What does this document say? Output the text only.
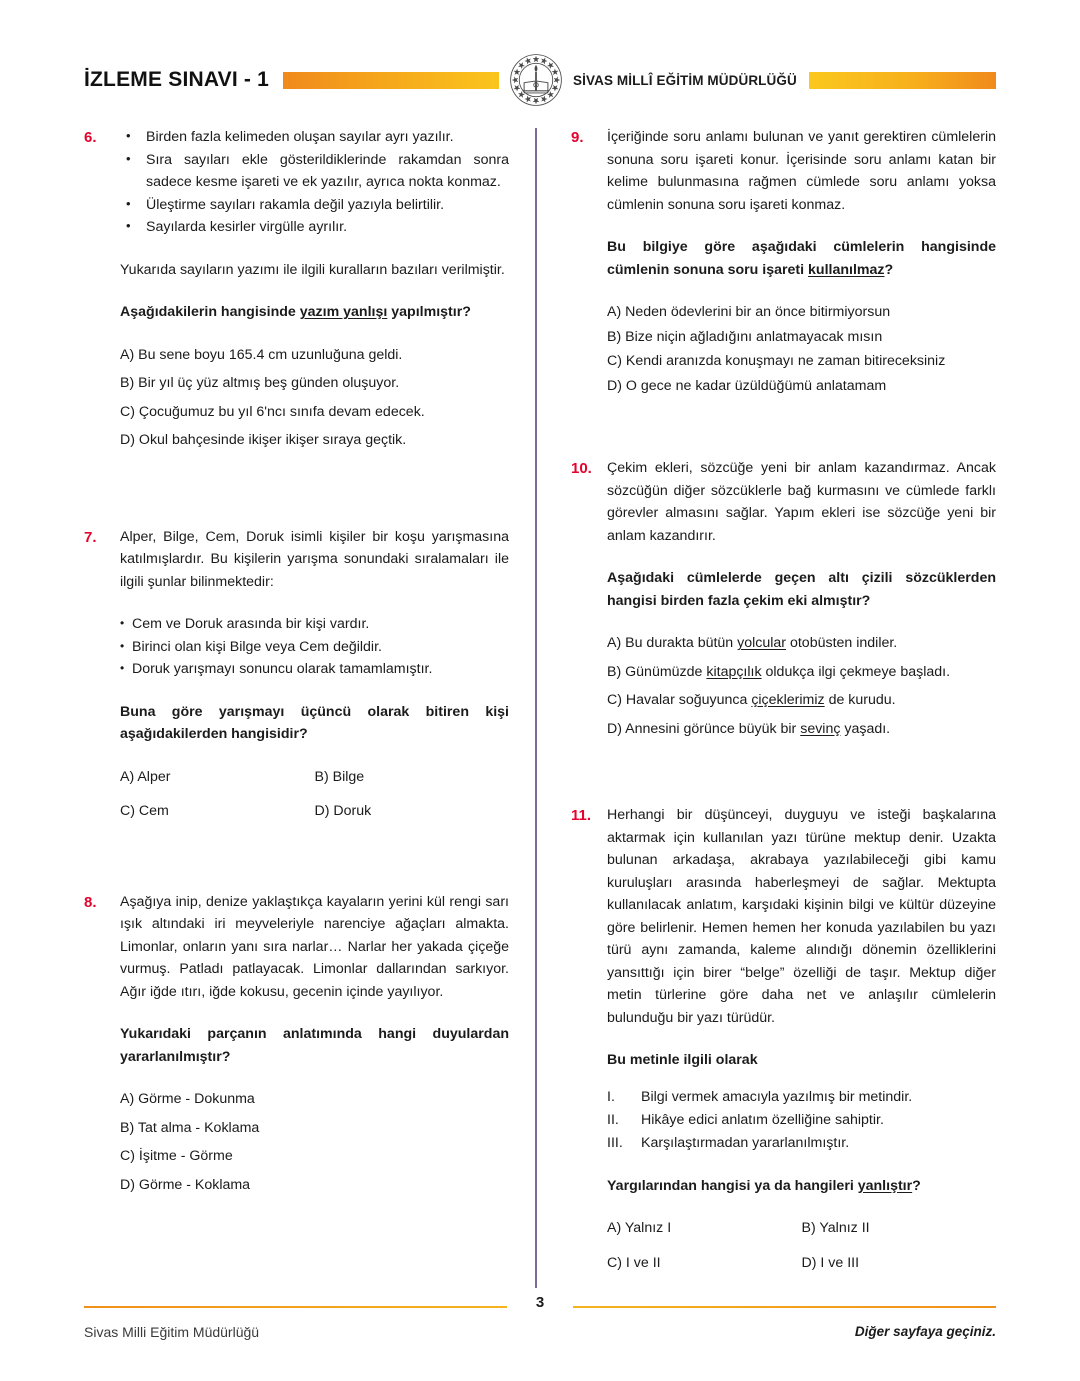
İZLEME SINAVI - 1	SİVAS MİLLÎ EĞİTİM MÜDÜRLÜĞÜ
6.	• Birden fazla kelimeden oluşan sayılar ayrı yazılır.
• Sıra sayıları ekle gösterildiklerinde rakamdan sonra sadece kesme işareti ve ek yazılır, ayrıca nokta konmaz.
• Üleştirme sayıları rakamla değil yazıyla belirtilir.
• Sayılarda kesirler virgülle ayrılır.

Yukarıda sayıların yazımı ile ilgili kuralların bazıları verilmiştir.

Aşağıdakilerin hangisinde yazım yanlışı yapılmıştır?

A) Bu sene boyu 165.4 cm uzunluğuna geldi.
B) Bir yıl üç yüz altmış beş günden oluşuyor.
C) Çocuğumuz bu yıl 6'ncı sınıfa devam edecek.
D) Okul bahçesinde ikişer ikişer sıraya geçtik.
7.	Alper, Bilge, Cem, Doruk isimli kişiler bir koşu yarışmasına katılmışlardır. Bu kişilerin yarışma sonundaki sıralamaları ile ilgili şunlar bilinmektedir:

• Cem ve Doruk arasında bir kişi vardır.
• Birinci olan kişi Bilge veya Cem değildir.
• Doruk yarışmayı sonuncu olarak tamamlamıştır.

Buna göre yarışmayı üçüncü olarak bitiren kişi aşağıdakilerden hangisidir?

A) Alper	B) Bilge
C) Cem	D) Doruk
8.	Aşağıya inip, denize yaklaştıkça kayaların yerini kül rengi sarı ışık altındaki iri meyveleriyle narenciye ağaçları almakta. Limonlar, onların yanı sıra narlar… Narlar her yakada çiçeğe vurmuş. Patladı patlayacak. Limonlar dallarından sarkıyor. Ağır iğde ıtırı, iğde kokusu, gecenin içinde yayılıyor.

Yukarıdaki parçanın anlatımında hangi duyulardan yararlanılmıştır?

A) Görme - Dokunma
B) Tat alma - Koklama
C) İşitme - Görme
D) Görme - Koklama
9.	İçeriğinde soru anlamı bulunan ve yanıt gerektiren cümlelerin sonuna soru işareti konur. İçerisinde soru anlamı katan bir kelime bulunmasına rağmen cümlede soru anlamı yoksa cümlenin sonuna soru işareti konmaz.

Bu bilgiye göre aşağıdaki cümlelerin hangisinde cümlenin sonuna soru işareti kullanılmaz?

A) Neden ödevlerini bir an önce bitirmiyorsun
B) Bize niçin ağladığını anlatmayacak mısın
C) Kendi aranızda konuşmayı ne zaman bitireceksiniz
D) O gece ne kadar üzüldüğümü anlatamam
10.	Çekim ekleri, sözcüğe yeni bir anlam kazandırmaz. Ancak sözcüğün diğer sözcüklerle bağ kurmasını ve cümlede farklı görevler almasını sağlar. Yapım ekleri ise sözcüğe yeni bir anlam kazandırır.

Aşağıdaki cümlelerde geçen altı çizili sözcüklerden hangisi birden fazla çekim eki almıştır?

A) Bu durakta bütün yolcular otobüsten indiler.
B) Günümüzde kitapçılık oldukça ilgi çekmeye başladı.
C) Havalar soğuyunca çiçeklerimiz de kurudu.
D) Annesini görünce büyük bir sevinç yaşadı.
11.	Herhangi bir düşünceyi, duyguyu ve isteği başkalarına aktarmak için kullanılan yazı türüne mektup denir. Uzakta bulunan arkadaşa, akrabaya yazılabileceği gibi kamu kuruluşları arasında haberleşmeyi de sağlar. Mektupta kullanılacak anlatım, karşıdaki kişinin bilgi ve kültür düzeyine göre belirlenir. Hemen hemen her konuda yazılabilen bu yazı türü aynı zamanda, kaleme alındığı dönemin özelliklerini yansıttığı için birer “belge” özelliği de taşır. Mektup diğer metin türlerine göre daha net ve anlaşılır cümlelerin bulunduğu bir yazı türüdür.

Bu metinle ilgili olarak

I.	Bilgi vermek amacıyla yazılmış bir metindir.
II.	Hikâye edici anlatım özelliğine sahiptir.
III.	Karşılaştırmadan yararlanılmıştır.

Yargılarından hangisi ya da hangileri yanlıştır?

A) Yalnız I	B) Yalnız II
C) I ve II	D) I ve III
3
Sivas Milli Eğitim Müdürlüğü	Diğer sayfaya geçiniz.
